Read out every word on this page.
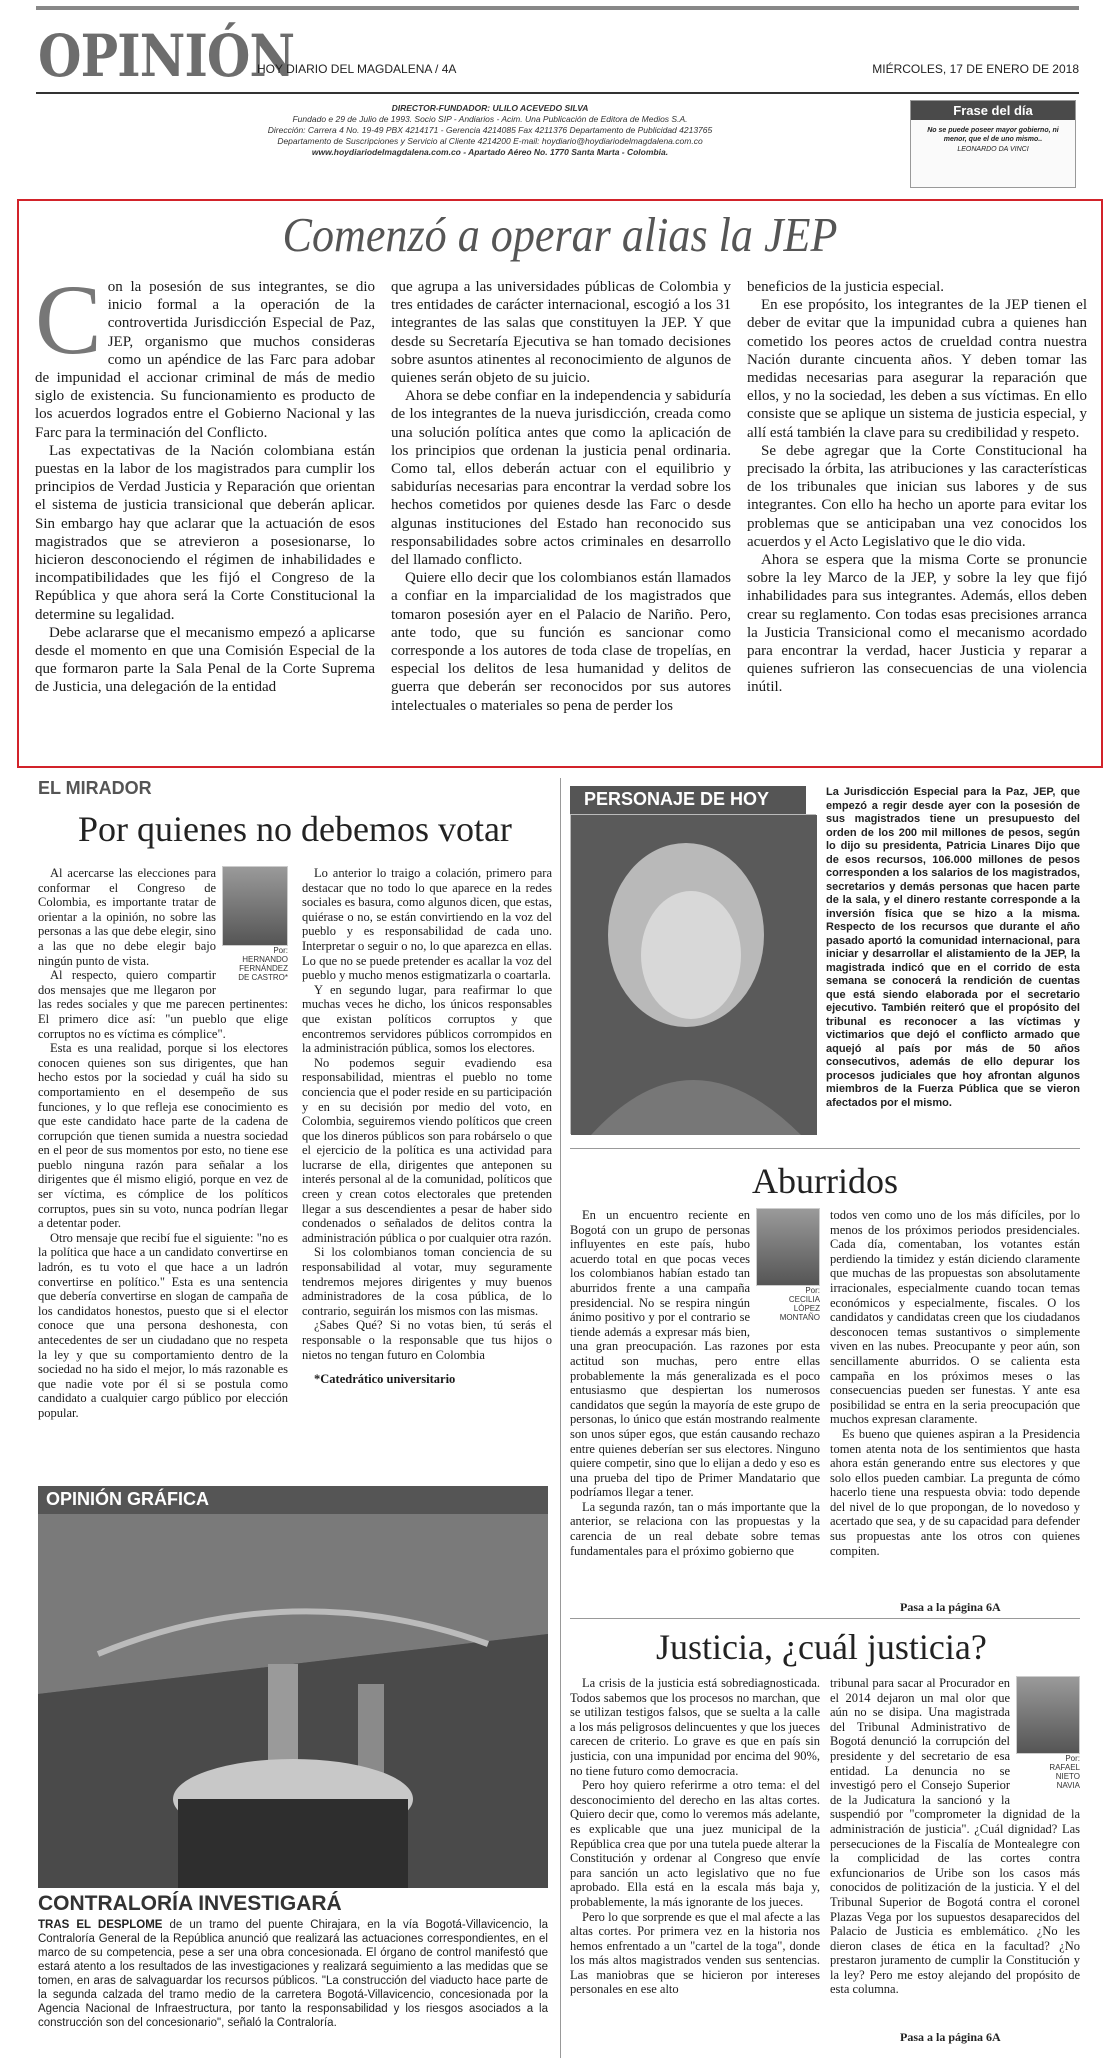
OPINIÓN
HOY DIARIO DEL MAGDALENA / 4A	MIÉRCOLES, 17 DE ENERO DE 2018
DIRECTOR-FUNDADOR: ULILO ACEVEDO SILVA
Fundado e 29 de Julio de 1993. Socio SIP - Andiarios - Acim. Una Publicación de Editora de Medios S.A.
Dirección: Carrera 4 No. 19-49 PBX 4214171 - Gerencia 4214085 Fax 4211376 Departamento de Publicidad 4213765
Departamento de Suscripciones y Servicio al Cliente 4214200 E-mail: hoydiario@hoydiariodelmagdalena.com.co
www.hoydiariodelmagdalena.com.co - Apartado Aéreo No. 1770 Santa Marta - Colombia.
Frase del día
No se puede poseer mayor gobierno, ni menor, que el de uno mismo..
LEONARDO DA VINCI
Comenzó a operar alias la JEP
C on la posesión de sus integrantes, se dio inicio formal a la operación de la controvertida Jurisdicción Especial de Paz, JEP, organismo que muchos consideras como un apéndice de las Farc para adobar de impunidad el accionar criminal de más de medio siglo de existencia. Su funcionamiento es producto de los acuerdos logrados entre el Gobierno Nacional y las Farc para la terminación del Conflicto.

Las expectativas de la Nación colombiana están puestas en la labor de los magistrados para cumplir los principios de Verdad Justicia y Reparación que orientan el sistema de justicia transicional que deberán aplicar. Sin embargo hay que aclarar que la actuación de esos magistrados que se atrevieron a posesionarse, lo hicieron desconociendo el régimen de inhabilidades e incompatibilidades que les fijó el Congreso de la República y que ahora será la Corte Constitucional la determine su legalidad.

Debe aclararse que el mecanismo empezó a aplicarse desde el momento en que una Comisión Especial de la que formaron parte la Sala Penal de la Corte Suprema de Justicia, una delegación de la entidad

que agrupa a las universidades públicas de Colombia y tres entidades de carácter internacional, escogió a los 31 integrantes de las salas que constituyen la JEP. Y que desde su Secretaría Ejecutiva se han tomado decisiones sobre asuntos atinentes al reconocimiento de algunos de quienes serán objeto de su juicio.

Ahora se debe confiar en la independencia y sabiduría de los integrantes de la nueva jurisdicción, creada como una solución política antes que como la aplicación de los principios que ordenan la justicia penal ordinaria. Como tal, ellos deberán actuar con el equilibrio y sabidurías necesarias para encontrar la verdad sobre los hechos cometidos por quienes desde las Farc o desde algunas instituciones del Estado han reconocido sus responsabilidades sobre actos criminales en desarrollo del llamado conflicto.

Quiere ello decir que los colombianos están llamados a confiar en la imparcialidad de los magistrados que tomaron posesión ayer en el Palacio de Nariño. Pero, ante todo, que su función es sancionar como corresponde a los autores de toda clase de tropelías, en especial los delitos de lesa humanidad y delitos de guerra que deberán ser reconocidos por sus autores intelectuales o materiales so pena de perder los

beneficios de la justicia especial.

En ese propósito, los integrantes de la JEP tienen el deber de evitar que la impunidad cubra a quienes han cometido los peores actos de crueldad contra nuestra Nación durante cincuenta años. Y deben tomar las medidas necesarias para asegurar la reparación que ellos, y no la sociedad, les deben a sus víctimas. En ello consiste que se aplique un sistema de justicia especial, y allí está también la clave para su credibilidad y respeto.

Se debe agregar que la Corte Constitucional ha precisado la órbita, las atribuciones y las características de los tribunales que inician sus labores y de sus integrantes. Con ello ha hecho un aporte para evitar los problemas que se anticipaban una vez conocidos los acuerdos y el Acto Legislativo que le dio vida.

Ahora se espera que la misma Corte se pronuncie sobre la ley Marco de la JEP, y sobre la ley que fijó inhabilidades para sus integrantes. Además, ellos deben crear su reglamento. Con todas esas precisiones arranca la Justicia Transicional como el mecanismo acordado para encontrar la verdad, hacer Justicia y reparar a quienes sufrieron las consecuencias de una violencia inútil.

EL MIRADOR
Por quienes no debemos votar
Por:
HERNANDO
FERNÁNDEZ
DE CASTRO*

Al acercarse las elecciones para conformar el Congreso de Colombia, es importante tratar de orientar a la opinión, no sobre las personas a las que debe elegir, sino a las que no debe elegir bajo ningún punto de vista.

Al respecto, quiero compartir dos mensajes que me llegaron por las redes sociales y que me parecen pertinentes: El primero dice así: "un pueblo que elige corruptos no es víctima es cómplice".

Esta es una realidad, porque si los electores conocen quienes son sus dirigentes, que han hecho estos por la sociedad y cuál ha sido su comportamiento en el desempeño de sus funciones, y lo que refleja ese conocimiento es que este candidato hace parte de la cadena de corrupción que tienen sumida a nuestra sociedad en el peor de sus momentos por esto, no tiene ese pueblo ninguna razón para señalar a los dirigentes que él mismo eligió, porque en vez de ser víctima, es cómplice de los políticos corruptos, pues sin su voto, nunca podrían llegar a detentar poder.

Otro mensaje que recibí fue el siguiente: "no es la política que hace a un candidato convertirse en ladrón, es tu voto el que hace a un ladrón convertirse en político." Esta es una sentencia que debería convertirse en slogan de campaña de los candidatos honestos, puesto que si el elector conoce que una persona deshonesta, con antecedentes de ser un ciudadano que no respeta la ley y que su comportamiento dentro de la sociedad no ha sido el mejor, lo más razonable es que nadie vote por él si se postula como candidato a cualquier cargo público por elección popular.

Lo anterior lo traigo a colación, primero para destacar que no todo lo que aparece en la redes sociales es basura, como algunos dicen, que estas, quiérase o no, se están convirtiendo en la voz del pueblo y es responsabilidad de cada uno. Interpretar o seguir o no, lo que aparezca en ellas. Lo que no se puede pretender es acallar la voz del pueblo y mucho menos estigmatizarla o coartarla.

Y en segundo lugar, para reafirmar lo que muchas veces he dicho, los únicos responsables que existan políticos corruptos y que encontremos servidores públicos corrompidos en la administración pública, somos los electores.

No podemos seguir evadiendo esa responsabilidad, mientras el pueblo no tome conciencia que el poder reside en su participación y en su decisión por medio del voto, en Colombia, seguiremos viendo políticos que creen que los dineros públicos son para robárselo o que el ejercicio de la política es una actividad para lucrarse de ella, dirigentes que anteponen su interés personal al de la comunidad, políticos que creen y crean cotos electorales que pretenden llegar a sus descendientes a pesar de haber sido condenados o señalados de delitos contra la administración pública o por cualquier otra razón.

Si los colombianos toman conciencia de su responsabilidad al votar, muy seguramente tendremos mejores dirigentes y muy buenos administradores de la cosa pública, de lo contrario, seguirán los mismos con las mismas.

¿Sabes Qué? Si no votas bien, tú serás el responsable o la responsable que tus hijos o nietos no tengan futuro en Colombia

*Catedrático universitario

OPINIÓN GRÁFICA
CONTRALORÍA INVESTIGARÁ
TRAS EL DESPLOME de un tramo del puente Chirajara, en la vía Bogotá-Villavicencio, la Contraloría General de la República anunció que realizará las actuaciones correspondientes, en el marco de su competencia, pese a ser una obra concesionada. El órgano de control manifestó que estará atento a los resultados de las investigaciones y realizará seguimiento a las medidas que se tomen, en aras de salvaguardar los recursos públicos. "La construcción del viaducto hace parte de la segunda calzada del tramo medio de la carretera Bogotá-Villavicencio, concesionada por la Agencia Nacional de Infraestructura, por tanto la responsabilidad y los riesgos asociados a la construcción son del concesionario", señaló la Contraloría.
PERSONAJE DE HOY	La Jurisdicción Especial para la Paz, JEP, que empezó a regir desde ayer con la posesión de sus magistrados tiene un presupuesto del orden de los 200 mil millones de pesos, según lo dijo su presidenta, Patricia Linares Dijo que de esos recursos, 106.000 millones de pesos corresponden a los salarios de los magistrados, secretarios y demás personas que hacen parte de la sala, y el dinero restante corresponde a la inversión física que se hizo a la misma. Respecto de los recursos que durante el año pasado aportó la comunidad internacional, para iniciar y desarrollar el alistamiento de la JEP, la magistrada indicó que en el corrido de esta semana se conocerá la rendición de cuentas que está siendo elaborada por el secretario ejecutivo. También reiteró que el propósito del tribunal es reconocer a las víctimas y victimarios que dejó el conflicto armado que aquejó al país por más de 50 años consecutivos, además de ello depurar los procesos judiciales que hoy afrontan algunos miembros de la Fuerza Pública que se vieron afectados por el mismo.
Aburridos
Por:
CECILIA
LÓPEZ
MONTAÑO

En un encuentro reciente en Bogotá con un grupo de personas influyentes en este país, hubo acuerdo total en que pocas veces los colombianos habían estado tan aburridos frente a una campaña presidencial. No se respira ningún ánimo positivo y por el contrario se tiende además a expresar más bien, una gran preocupación. Las razones por esta actitud son muchas, pero entre ellas probablemente la más generalizada es el poco entusiasmo que despiertan los numerosos candidatos que según la mayoría de este grupo de personas, lo único que están mostrando realmente son unos súper egos, que están causando rechazo entre quienes deberían ser sus electores. Ninguno quiere competir, sino que lo elijan a dedo y eso es una prueba del tipo de Primer Mandatario que podríamos llegar a tener.

La segunda razón, tan o más importante que la anterior, se relaciona con las propuestas y la carencia de un real debate sobre temas fundamentales para el próximo gobierno que

todos ven como uno de los más difíciles, por lo menos de los próximos periodos presidenciales. Cada día, comentaban, los votantes están perdiendo la timidez y están diciendo claramente que muchas de las propuestas son absolutamente irracionales, especialmente cuando tocan temas económicos y especialmente, fiscales. O los candidatos y candidatas creen que los ciudadanos desconocen temas sustantivos o simplemente viven en las nubes. Preocupante y peor aún, son sencillamente aburridos. O se calienta esta campaña en los próximos meses o las consecuencias pueden ser funestas. Y ante esa posibilidad se entra en la seria preocupación que muchos expresan claramente.

Es bueno que quienes aspiran a la Presidencia tomen atenta nota de los sentimientos que hasta ahora están generando entre sus electores y que solo ellos pueden cambiar. La pregunta de cómo hacerlo tiene una respuesta obvia: todo depende del nivel de lo que propongan, de lo novedoso y acertado que sea, y de su capacidad para defender sus propuestas ante los otros con quienes compiten.

Pasa a la página 6A
Justicia, ¿cuál justicia?

La crisis de la justicia está sobrediagnosticada. Todos sabemos que los procesos no marchan, que se utilizan testigos falsos, que se suelta a la calle a los más peligrosos delincuentes y que los jueces carecen de criterio. Lo grave es que en país sin justicia, con una impunidad por encima del 90%, no tiene futuro como democracia.

Pero hoy quiero referirme a otro tema: el del desconocimiento del derecho en las altas cortes. Quiero decir que, como lo veremos más adelante, es explicable que una juez municipal de la República crea que por una tutela puede alterar la Constitución y ordenar al Congreso que envíe para sanción un acto legislativo que no fue aprobado. Ella está en la escala más baja y, probablemente, la más ignorante de los jueces.

Pero lo que sorprende es que el mal afecte a las altas cortes. Por primera vez en la historia nos hemos enfrentado a un "cartel de la toga", donde los más altos magistrados venden sus sentencias. Las maniobras que se hicieron por intereses personales en ese alto

Por:
RAFAEL
NIETO
NAVIA

tribunal para sacar al Procurador en el 2014 dejaron un mal olor que aún no se disipa. Una magistrada del Tribunal Administrativo de Bogotá denunció la corrupción del presidente y del secretario de esa entidad. La denuncia no se investigó pero el Consejo Superior de la Judicatura la sancionó y la suspendió por "comprometer la dignidad de la administración de justicia". ¿Cuál dignidad? Las persecuciones de la Fiscalía de Montealegre con la complicidad de las cortes contra exfuncionarios de Uribe son los casos más conocidos de politización de la justicia. Y el del Tribunal Superior de Bogotá contra el coronel Plazas Vega por los supuestos desaparecidos del Palacio de Justicia es emblemático. ¿No les dieron clases de ética en la facultad? ¿No prestaron juramento de cumplir la Constitución y la ley? Pero me estoy alejando del propósito de esta columna.

Pasa a la página 6A
